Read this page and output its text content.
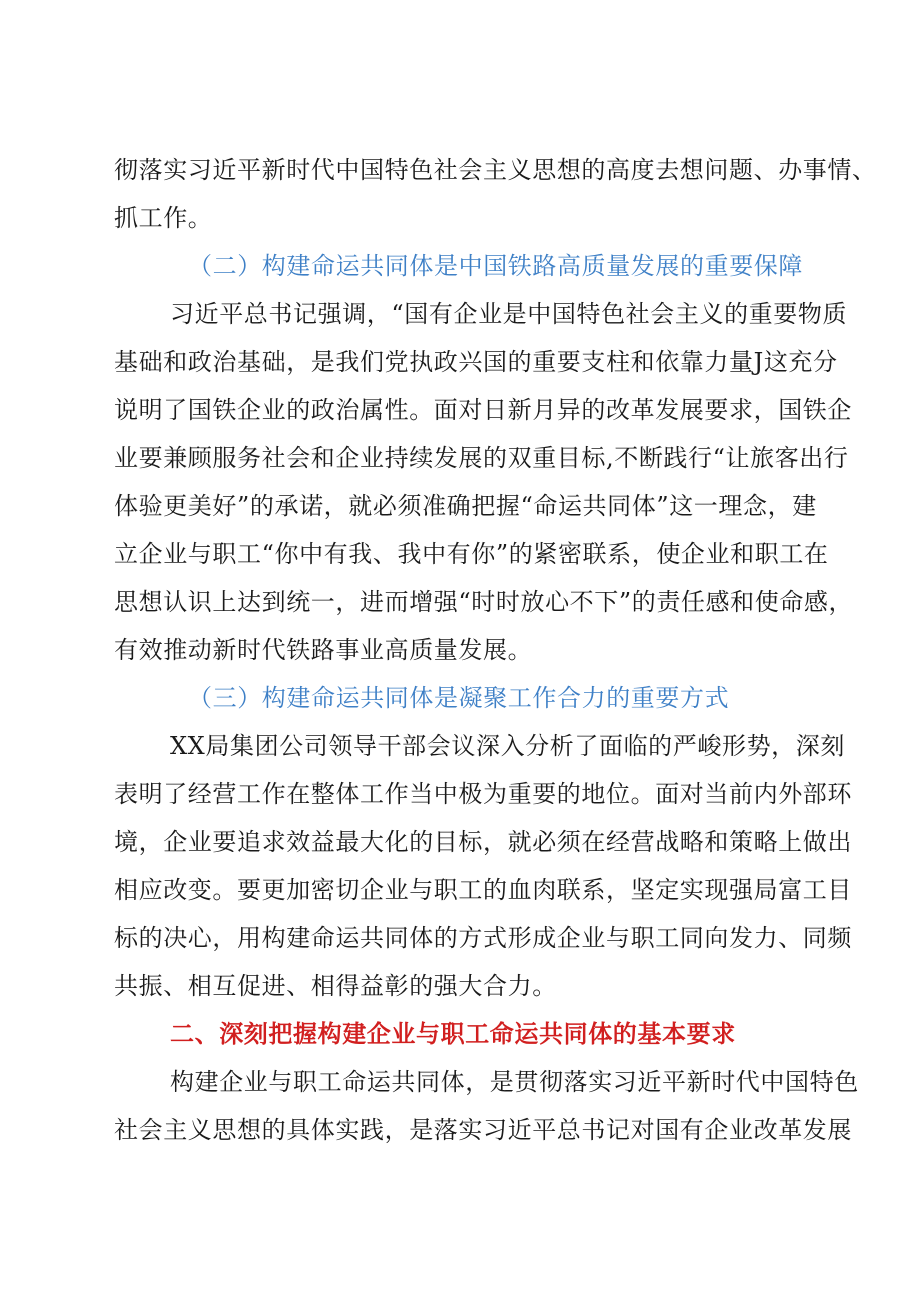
彻落实习近平新时代中国特色社会主义思想的高度去想问题、办事情、
抓工作。
（二）构建命运共同体是中国铁路高质量发展的重要保障
习近平总书记强调，“国有企业是中国特色社会主义的重要物质
基础和政治基础，是我们党执政兴国的重要支柱和依靠力量J这充分
说明了国铁企业的政治属性。面对日新月异的改革发展要求，国铁企
业要兼顾服务社会和企业持续发展的双重目标,不断践行“让旅客出行
体验更美好”的承诺，就必须准确把握“命运共同体”这一理念，建
立企业与职工“你中有我、我中有你”的紧密联系，使企业和职工在
思想认识上达到统一，进而增强“时时放心不下”的责任感和使命感，
有效推动新时代铁路事业高质量发展。
（三）构建命运共同体是凝聚工作合力的重要方式
XX局集团公司领导干部会议深入分析了面临的严峻形势，深刻
表明了经营工作在整体工作当中极为重要的地位。面对当前内外部环
境，企业要追求效益最大化的目标，就必须在经营战略和策略上做出
相应改变。要更加密切企业与职工的血肉联系，坚定实现强局富工目
标的决心，用构建命运共同体的方式形成企业与职工同向发力、同频
共振、相互促进、相得益彰的强大合力。
二、深刻把握构建企业与职工命运共同体的基本要求
构建企业与职工命运共同体，是贯彻落实习近平新时代中国特色
社会主义思想的具体实践，是落实习近平总书记对国有企业改革发展
